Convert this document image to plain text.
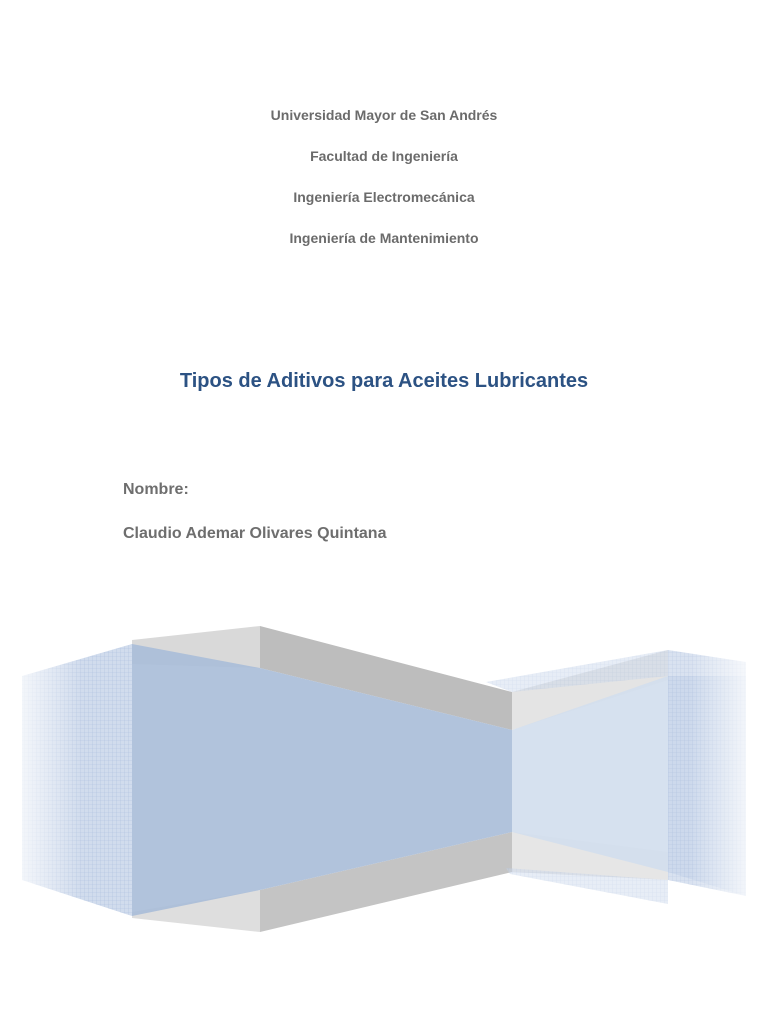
Universidad Mayor de San Andrés

Facultad de Ingeniería

Ingeniería Electromecánica

Ingeniería de Mantenimiento

Tipos de Aditivos para Aceites Lubricantes

Nombre:

Claudio Ademar Olivares Quintana
